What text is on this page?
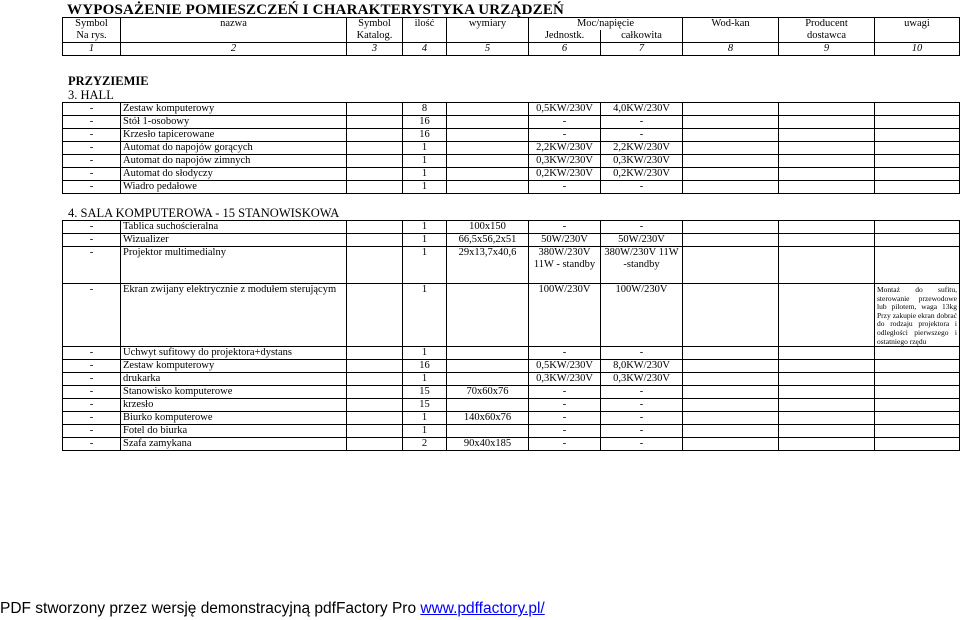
WYPOSAŻENIE POMIESZCZEŃ I CHARAKTERYSTYKA URZĄDZEŃ
Symbol	nazwa	Symbol	ilość	wymiary	Moc/napięcie		Wod-kan	Producent	uwagi
Na rys.		Katalog.			Jednostk.	całkowita		dostawca	
1	2	3	4	5	6	7	8	9	10
PRZYZIEMIE
3. HALL
-	Zestaw komputerowy		8		0,5KW/230V	4,0KW/230V			
-	Stół 1-osobowy		16		-	-			
-	Krzesło tapicerowane		16		-	-			
-	Automat do napojów gorących		1		2,2KW/230V	2,2KW/230V			
-	Automat do napojów zimnych		1		0,3KW/230V	0,3KW/230V			
-	Automat do słodyczy		1		0,2KW/230V	0,2KW/230V			
-	Wiadro pedałowe		1		-	-			
4. SALA KOMPUTEROWA - 15 STANOWISKOWA
-	Tablica suchościeralna		1	100x150	-	-			
-	Wizualizer		1	66,5x56,2x51	50W/230V	50W/230V			
-	Projektor multimedialny		1	29x13,7x40,6	380W/230V 11W - standby	380W/230V 11W -standby			
-	Ekran zwijany elektrycznie z modułem sterującym		1		100W/230V	100W/230V			Montaż do sufitu, sterowanie przewodowe lub pilotem, waga 13kg Przy zakupie ekran dobrać do rodzaju projektora i odległości pierwszego i ostatniego rzędu
-	Uchwyt sufitowy do projektora+dystans		1		-	-			
-	Zestaw komputerowy		16		0,5KW/230V	8,0KW/230V			
-	drukarka		1		0,3KW/230V	0,3KW/230V			
-	Stanowisko komputerowe		15	70x60x76	-	-			
-	krzesło		15		-	-			
-	Biurko komputerowe		1	140x60x76	-	-			
-	Fotel do biurka		1		-	-			
-	Szafa zamykana		2	90x40x185	-	-			
PDF stworzony przez wersję demonstracyjną pdfFactory Pro www.pdffactory.pl/
